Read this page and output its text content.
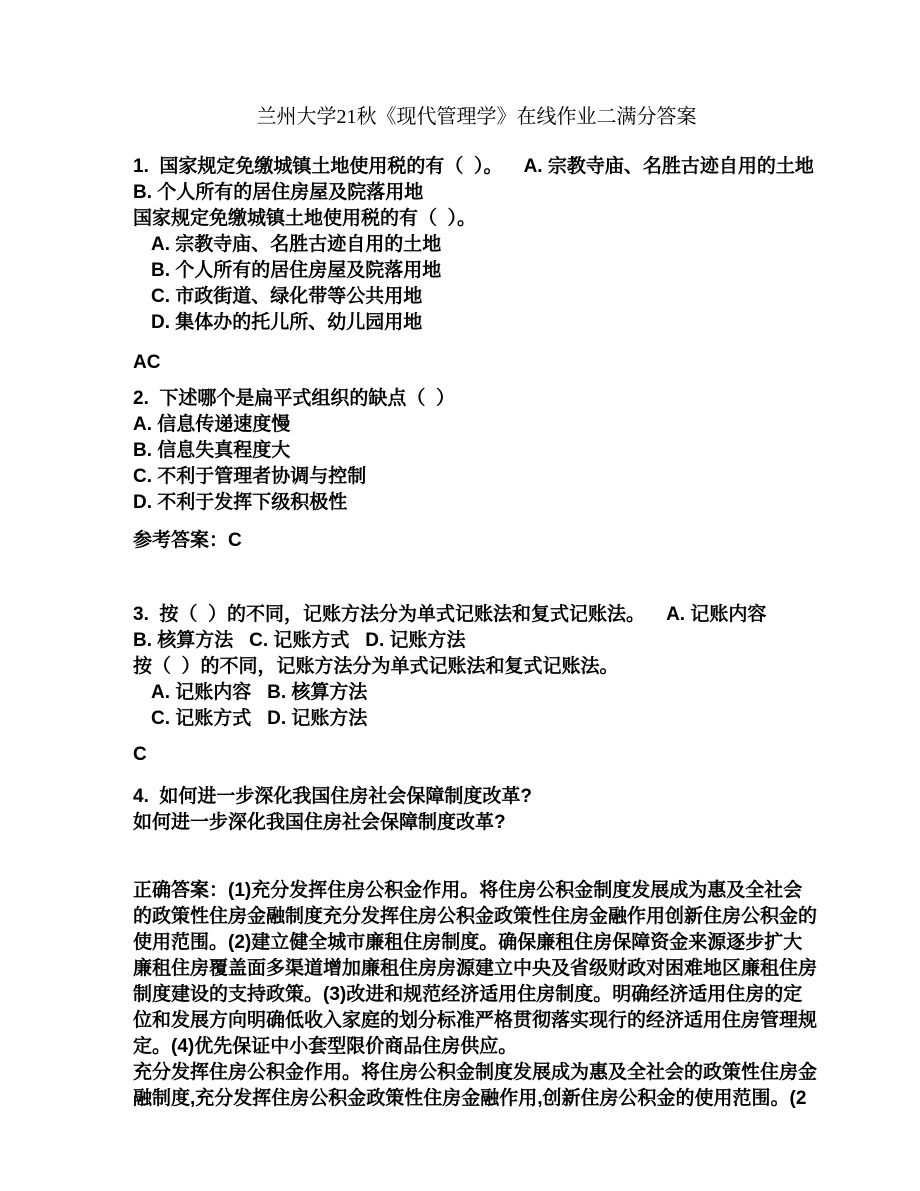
兰州大学21秋《现代管理学》在线作业二满分答案
1.  国家规定免缴城镇土地使用税的有（  ）。    A. 宗教寺庙、名胜古迹自用的土地
B. 个人所有的居住房屋及院落用地
国家规定免缴城镇土地使用税的有（  ）。
A. 宗教寺庙、名胜古迹自用的土地
B. 个人所有的居住房屋及院落用地
C. 市政街道、绿化带等公共用地
D. 集体办的托儿所、幼儿园用地
AC
2.  下述哪个是扁平式组织的缺点（  ）
A. 信息传递速度慢
B. 信息失真程度大
C. 不利于管理者协调与控制
D. 不利于发挥下级积极性
参考答案：C
3.  按（  ）的不同，记账方法分为单式记账法和复式记账法。    A. 记账内容
B. 核算方法   C. 记账方式   D. 记账方法
按（  ）的不同，记账方法分为单式记账法和复式记账法。
A. 记账内容   B. 核算方法
C. 记账方式   D. 记账方法
C
4.  如何进一步深化我国住房社会保障制度改革?
如何进一步深化我国住房社会保障制度改革?
正确答案：(1)充分发挥住房公积金作用。将住房公积金制度发展成为惠及全社会
的政策性住房金融制度充分发挥住房公积金政策性住房金融作用创新住房公积金的
使用范围。(2)建立健全城市廉租住房制度。确保廉租住房保障资金来源逐步扩大
廉租住房覆盖面多渠道增加廉租住房房源建立中央及省级财政对困难地区廉租住房
制度建设的支持政策。(3)改进和规范经济适用住房制度。明确经济适用住房的定
位和发展方向明确低收入家庭的划分标准严格贯彻落实现行的经济适用住房管理规
定。(4)优先保证中小套型限价商品住房供应。
充分发挥住房公积金作用。将住房公积金制度发展成为惠及全社会的政策性住房金
融制度,充分发挥住房公积金政策性住房金融作用,创新住房公积金的使用范围。(2
